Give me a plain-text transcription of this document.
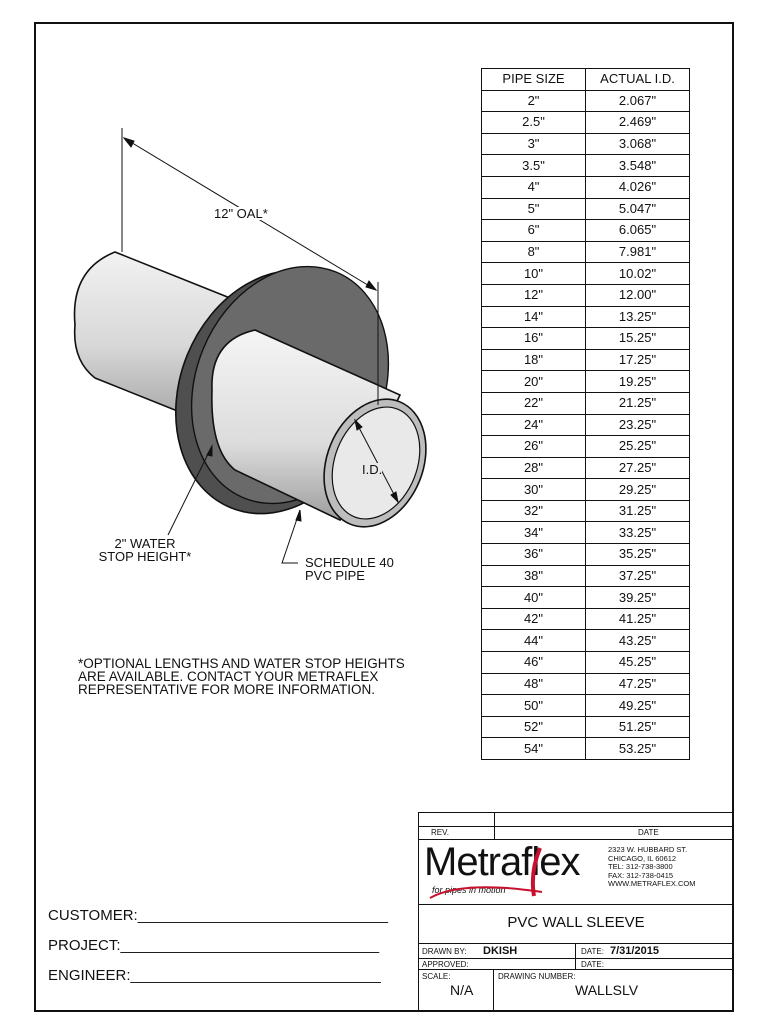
12" OAL*
I.D.
2" WATER
STOP HEIGHT*	SCHEDULE 40
PVC PIPE
PIPE SIZE	ACTUAL I.D.
2"	2.067"
2.5"	2.469"
3"	3.068"
3.5"	3.548"
4"	4.026"
5"	5.047"
6"	6.065"
8"	7.981"
10"	10.02"
12"	12.00"
14"	13.25"
16"	15.25"
18"	17.25"
20"	19.25"
22"	21.25"
24"	23.25"
26"	25.25"
28"	27.25"
30"	29.25"
32"	31.25"
34"	33.25"
36"	35.25"
38"	37.25"
40"	39.25"
42"	41.25"
44"	43.25"
46"	45.25"
48"	47.25"
50"	49.25"
52"	51.25"
54"	53.25"
*OPTIONAL LENGTHS AND WATER STOP HEIGHTS
ARE AVAILABLE. CONTACT YOUR METRAFLEX
REPRESENTATIVE FOR MORE INFORMATION.
CUSTOMER:______________________________
PROJECT:_______________________________
ENGINEER:______________________________
REV.	DATE
Metraflex
for pipes in motion
2323 W. HUBBARD ST.
CHICAGO, IL 60612
TEL: 312-738-3800
FAX: 312-738-0415
WWW.METRAFLEX.COM
PVC WALL SLEEVE
DRAWN BY: DKISH	DATE: 7/31/2015
APPROVED:	DATE:
SCALE:
N/A
DRAWING NUMBER:
WALLSLV
